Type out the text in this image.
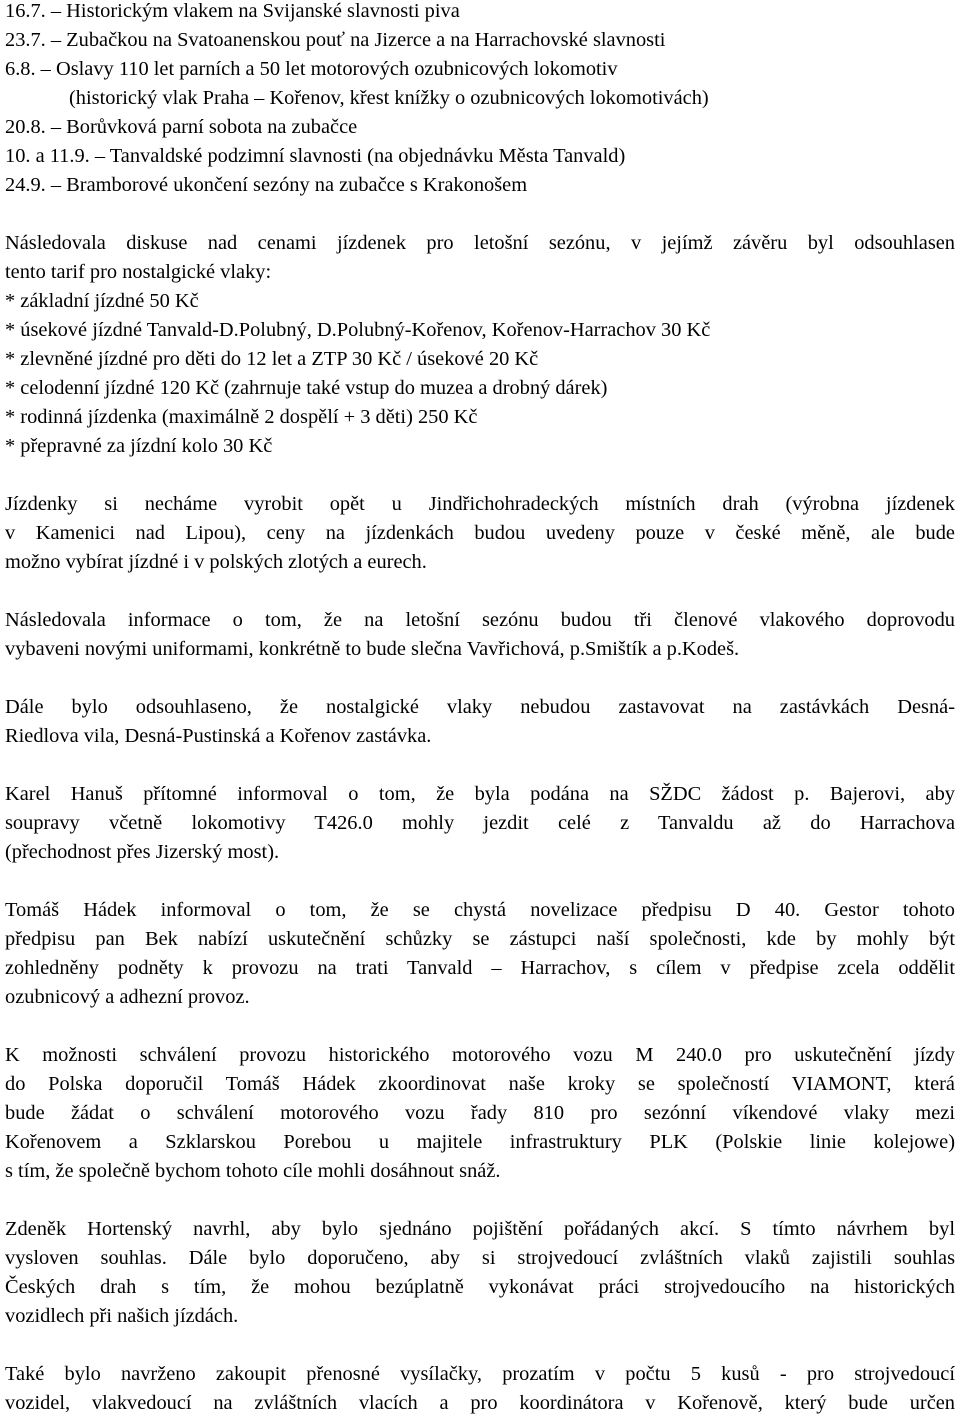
16.7. – Historickým vlakem na Svijanské slavnosti piva

23.7. – Zubačkou na Svatoanenskou pouť na Jizerce a na Harrachovské slavnosti

6.8. – Oslavy 110 let parních a 50 let motorových ozubnicových lokomotiv

(historický vlak Praha – Kořenov, křest knížky o ozubnicových lokomotivách)

20.8. – Borůvková parní sobota na zubačce

10. a 11.9. – Tanvaldské podzimní slavnosti (na objednávku Města Tanvald)

24.9. – Bramborové ukončení sezóny na zubačce s Krakonošem

Následovala diskuse nad cenami jízdenek pro letošní sezónu, v jejímž závěru byl odsouhlasen

tento tarif pro nostalgické vlaky:

* základní jízdné 50 Kč

* úsekové jízdné Tanvald-D.Polubný, D.Polubný-Kořenov, Kořenov-Harrachov 30 Kč

* zlevněné jízdné pro děti do 12 let a ZTP 30 Kč / úsekové 20 Kč

* celodenní jízdné 120 Kč (zahrnuje také vstup do muzea a drobný dárek)

* rodinná jízdenka (maximálně 2 dospělí + 3 děti) 250 Kč

* přepravné za jízdní kolo 30 Kč

Jízdenky si necháme vyrobit opět u Jindřichohradeckých místních drah (výrobna jízdenek

v Kamenici nad Lipou), ceny na jízdenkách budou uvedeny pouze v české měně, ale bude

možno vybírat jízdné i v polských zlotých a eurech.

Následovala informace o tom, že na letošní sezónu budou tři členové vlakového doprovodu

vybaveni novými uniformami, konkrétně to bude slečna Vavřichová, p.Smištík a p.Kodeš.

Dále bylo odsouhlaseno, že nostalgické vlaky nebudou zastavovat na zastávkách Desná-

Riedlova vila, Desná-Pustinská a Kořenov zastávka.

Karel Hanuš přítomné informoval o tom, že byla podána na SŽDC žádost p. Bajerovi, aby

soupravy včetně lokomotivy T426.0 mohly jezdit celé z Tanvaldu až do Harrachova

(přechodnost přes Jizerský most).

Tomáš Hádek informoval o tom, že se chystá novelizace předpisu D 40. Gestor tohoto

předpisu pan Bek nabízí uskutečnění schůzky se zástupci naší společnosti, kde by mohly být

zohledněny podněty k provozu na trati Tanvald – Harrachov, s cílem v předpise zcela oddělit

ozubnicový a adhezní provoz.

K možnosti schválení provozu historického motorového vozu M 240.0 pro uskutečnění jízdy

do Polska doporučil Tomáš Hádek zkoordinovat naše kroky se společností VIAMONT, která

bude žádat o schválení motorového vozu řady 810 pro sezónní víkendové vlaky mezi

Kořenovem a Szklarskou Porebou u majitele infrastruktury PLK (Polskie linie kolejowe)

s tím, že společně bychom tohoto cíle mohli dosáhnout snáž.

Zdeněk Hortenský navrhl, aby bylo sjednáno pojištění pořádaných akcí. S tímto návrhem byl

vysloven souhlas. Dále bylo doporučeno, aby si strojvedoucí zvláštních vlaků zajistili souhlas

Českých drah s tím, že mohou bezúplatně vykonávat práci strojvedoucího na historických

vozidlech při našich jízdách.

Také bylo navrženo zakoupit přenosné vysílačky, prozatím v počtu 5 kusů - pro strojvedoucí

vozidel, vlakvedoucí na zvláštních vlacích a pro koordinátora v Kořenově, který bude určen
